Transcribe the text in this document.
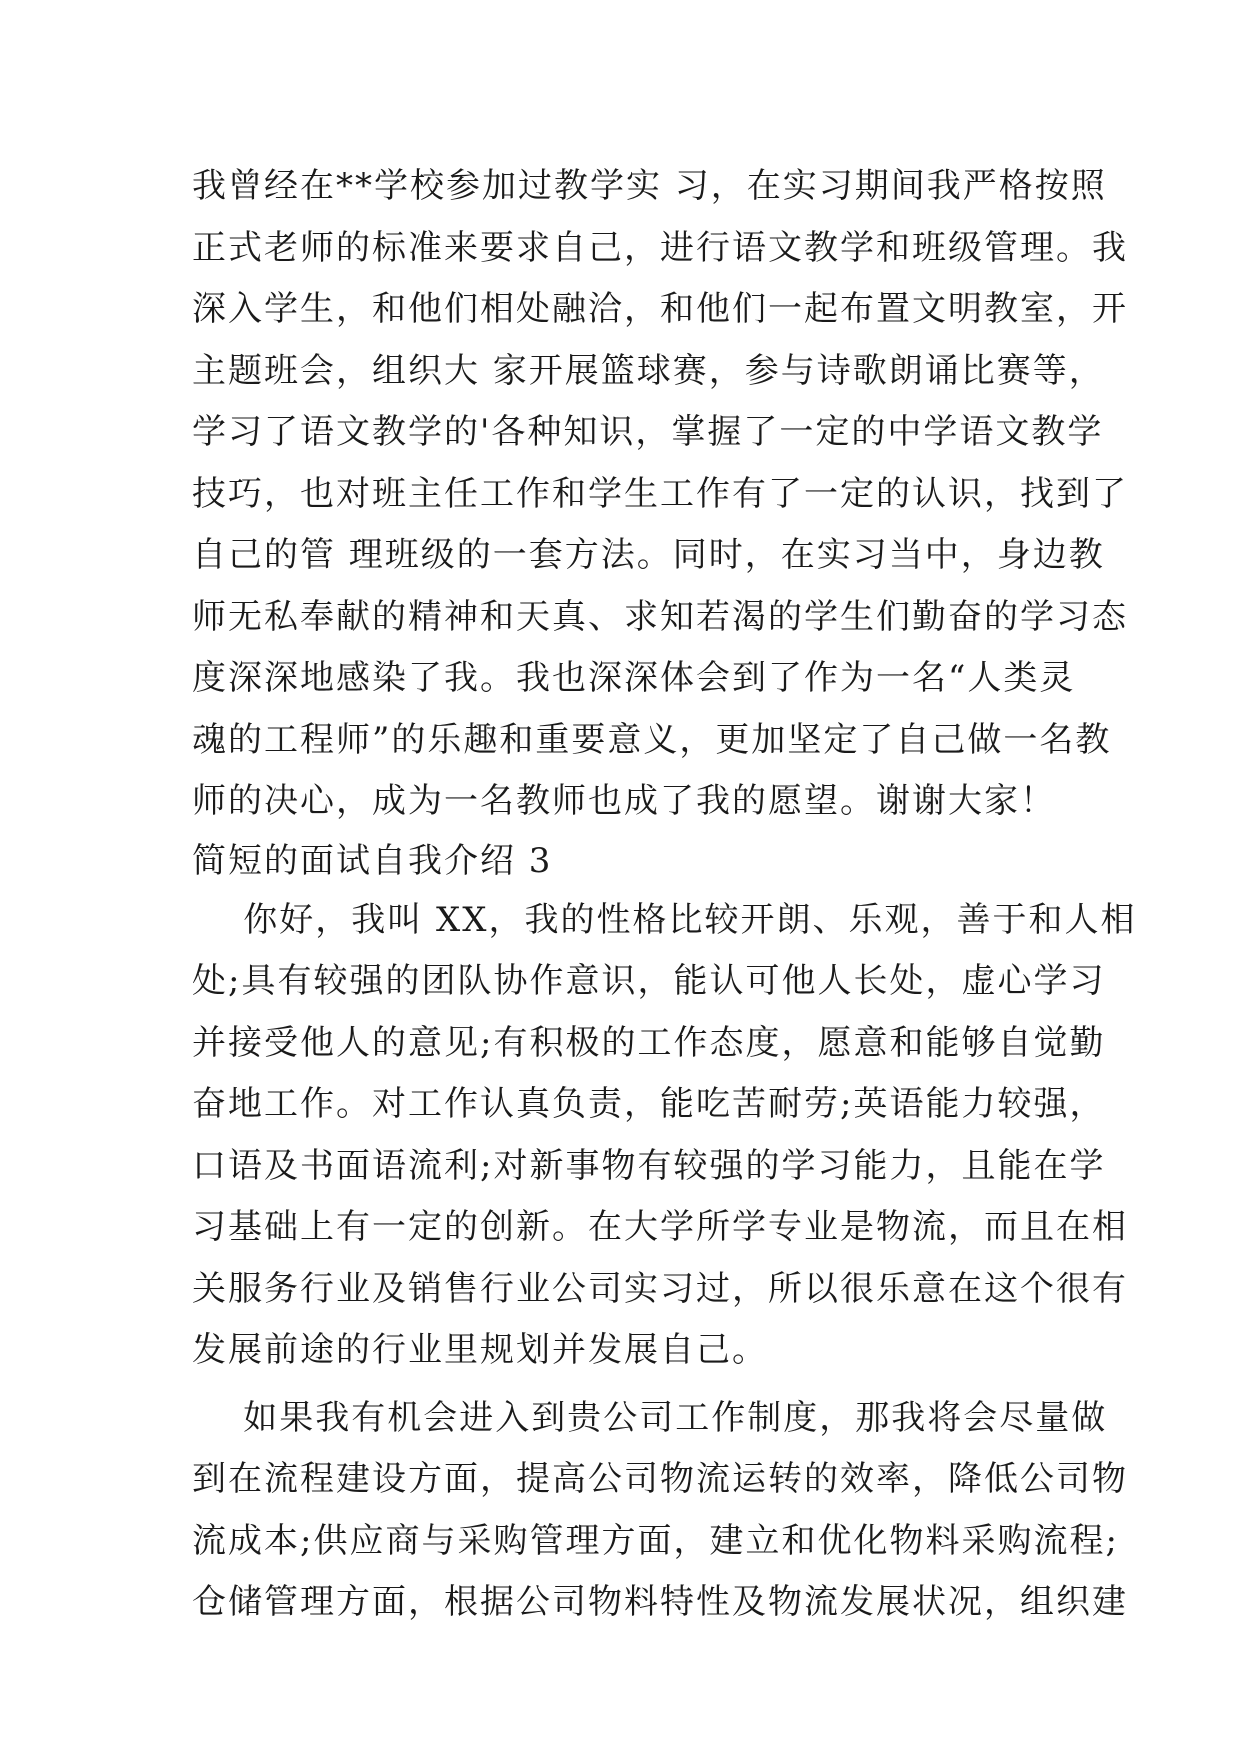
我曾经在**学校参加过教学实 习，在实习期间我严格按照
正式老师的标准来要求自己，进行语文教学和班级管理。我
深入学生，和他们相处融洽，和他们一起布置文明教室，开
主题班会，组织大 家开展篮球赛，参与诗歌朗诵比赛等，
学习了语文教学的'各种知识，掌握了一定的中学语文教学
技巧，也对班主任工作和学生工作有了一定的认识，找到了
自己的管 理班级的一套方法。同时，在实习当中，身边教
师无私奉献的精神和天真、求知若渴的学生们勤奋的学习态
度深深地感染了我。我也深深体会到了作为一名“人类灵
魂的工程师”的乐趣和重要意义，更加坚定了自己做一名教
师的决心，成为一名教师也成了我的愿望。谢谢大家！
简短的面试自我介绍 3
你好，我叫 XX，我的性格比较开朗、乐观，善于和人相
处;具有较强的团队协作意识，能认可他人长处，虚心学习
并接受他人的意见;有积极的工作态度，愿意和能够自觉勤
奋地工作。对工作认真负责，能吃苦耐劳;英语能力较强，
口语及书面语流利;对新事物有较强的学习能力，且能在学
习基础上有一定的创新。在大学所学专业是物流，而且在相
关服务行业及销售行业公司实习过，所以很乐意在这个很有
发展前途的行业里规划并发展自己。
如果我有机会进入到贵公司工作制度，那我将会尽量做
到在流程建设方面，提高公司物流运转的效率，降低公司物
流成本;供应商与采购管理方面，建立和优化物料采购流程;
仓储管理方面，根据公司物料特性及物流发展状况，组织建
